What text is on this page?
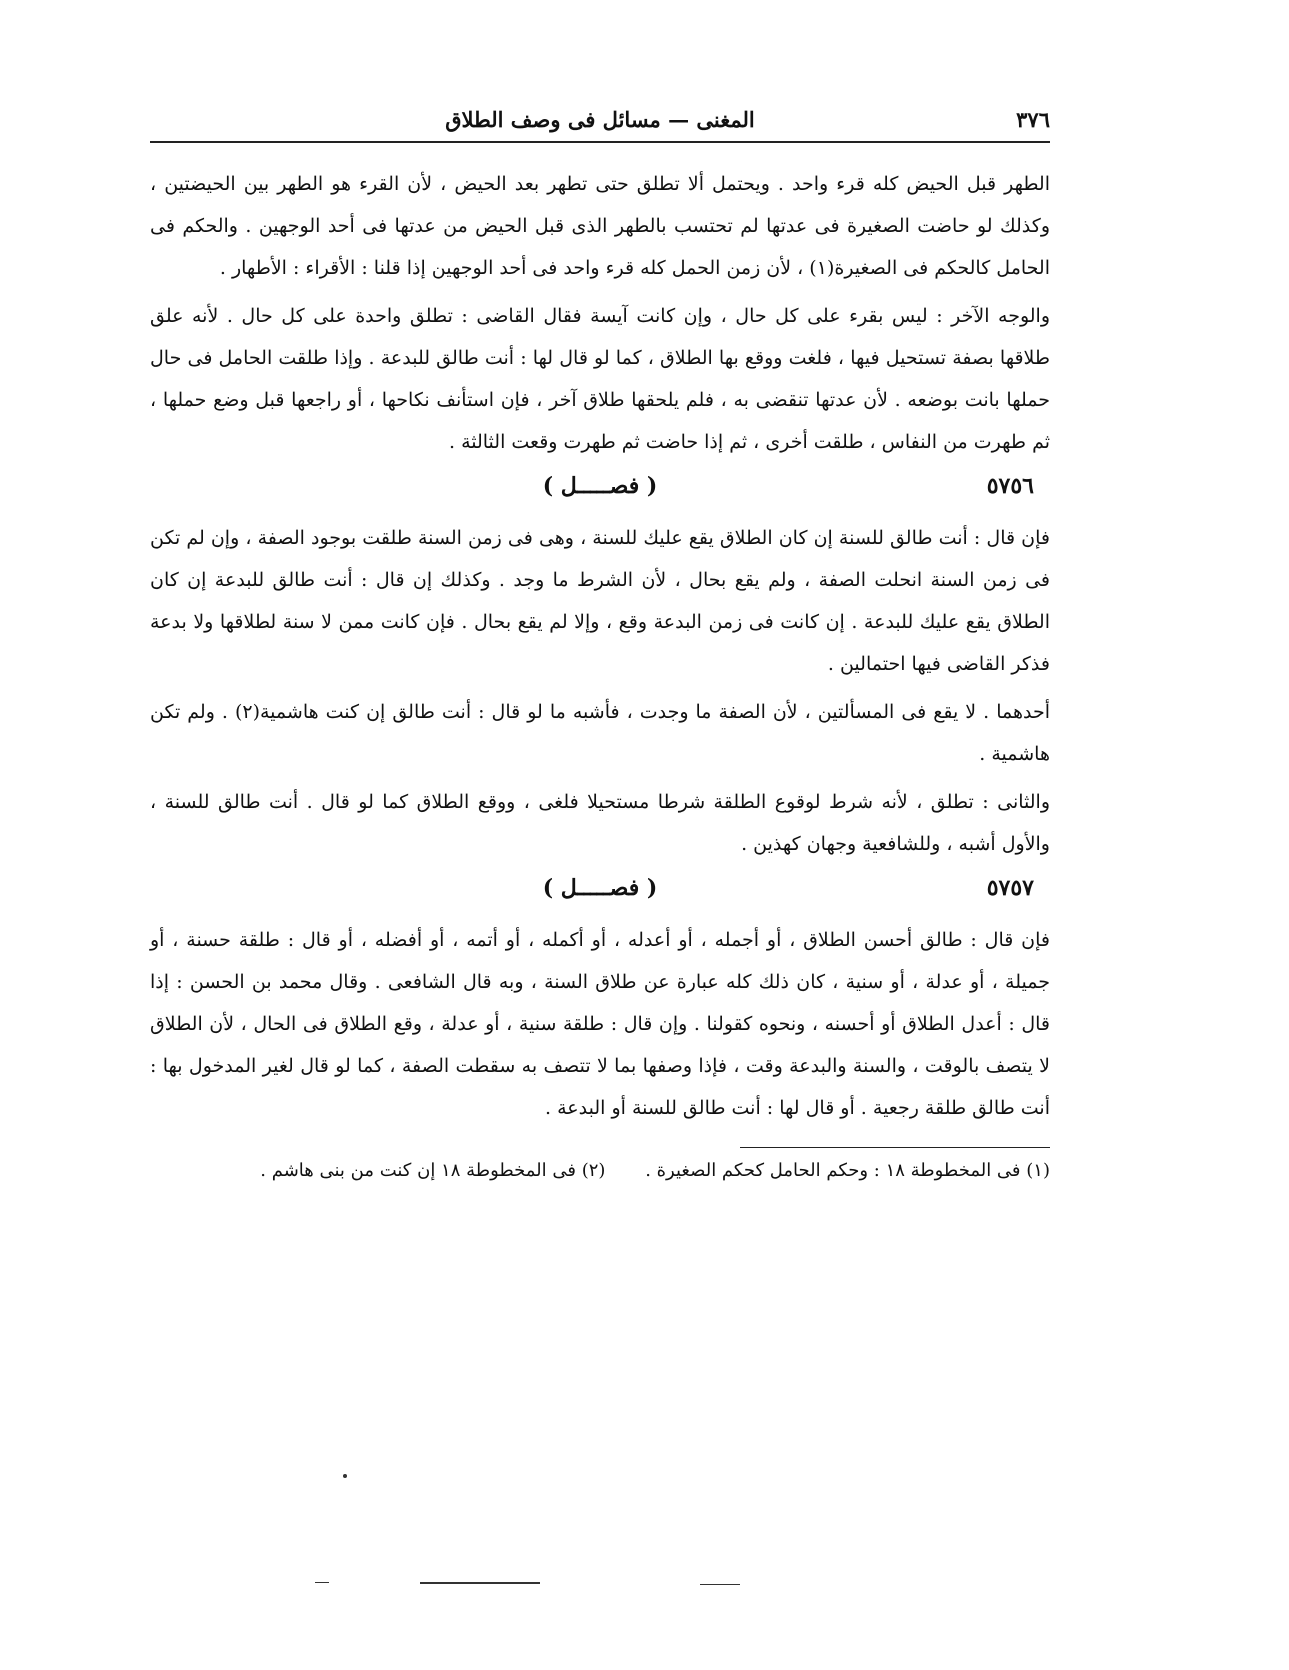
٣٧٦
المغنى — مسائل فى وصف الطلاق

الطهر قبل الحيض كله قرء واحد . ويحتمل ألا تطلق حتى تطهر بعد الحيض ، لأن القرء هو الطهر بين الحيضتين ، وكذلك لو حاضت الصغيرة فى عدتها لم تحتسب بالطهر الذى قبل الحيض من عدتها فى أحد الوجهين . والحكم فى الحامل كالحكم فى الصغيرة(١) ، لأن زمن الحمل كله قرء واحد فى أحد الوجهين إذا قلنا : الأقراء : الأطهار .

والوجه الآخر : ليس بقرء على كل حال ، وإن كانت آيسة فقال القاضى : تطلق واحدة على كل حال . لأنه علق طلاقها بصفة تستحيل فيها ، فلغت ووقع بها الطلاق ، كما لو قال لها : أنت طالق للبدعة . وإذا طلقت الحامل فى حال حملها بانت بوضعه . لأن عدتها تنقضى به ، فلم يلحقها طلاق آخر ، فإن استأنف نكاحها ، أو راجعها قبل وضع حملها ، ثم طهرت من النفاس ، طلقت أخرى ، ثم إذا حاضت ثم طهرت وقعت الثالثة .

٥٧٥٦
( فصـــــل )

فإن قال : أنت طالق للسنة إن كان الطلاق يقع عليك للسنة ، وهى فى زمن السنة طلقت بوجود الصفة ، وإن لم تكن فى زمن السنة انحلت الصفة ، ولم يقع بحال ، لأن الشرط ما وجد . وكذلك إن قال : أنت طالق للبدعة إن كان الطلاق يقع عليك للبدعة . إن كانت فى زمن البدعة وقع ، وإلا لم يقع بحال . فإن كانت ممن لا سنة لطلاقها ولا بدعة فذكر القاضى فيها احتمالين .

أحدهما . لا يقع فى المسألتين ، لأن الصفة ما وجدت ، فأشبه ما لو قال : أنت طالق إن كنت هاشمية(٢) . ولم تكن هاشمية .

والثانى : تطلق ، لأنه شرط لوقوع الطلقة شرطا مستحيلا فلغى ، ووقع الطلاق كما لو قال . أنت طالق للسنة ، والأول أشبه ، وللشافعية وجهان كهذين .

٥٧٥٧
( فصـــــل )

فإن قال : طالق أحسن الطلاق ، أو أجمله ، أو أعدله ، أو أكمله ، أو أتمه ، أو أفضله ، أو قال : طلقة حسنة ، أو جميلة ، أو عدلة ، أو سنية ، كان ذلك كله عبارة عن طلاق السنة ، وبه قال الشافعى . وقال محمد بن الحسن : إذا قال : أعدل الطلاق أو أحسنه ، ونحوه كقولنا . وإن قال : طلقة سنية ، أو عدلة ، وقع الطلاق فى الحال ، لأن الطلاق لا يتصف بالوقت ، والسنة والبدعة وقت ، فإذا وصفها بما لا تتصف به سقطت الصفة ، كما لو قال لغير المدخول بها : أنت طالق طلقة رجعية . أو قال لها : أنت طالق للسنة أو البدعة .

(١) فى المخطوطة ١٨ : وحكم الحامل كحكم الصغيرة . (٢) فى المخطوطة ١٨ إن كنت من بنى هاشم .
